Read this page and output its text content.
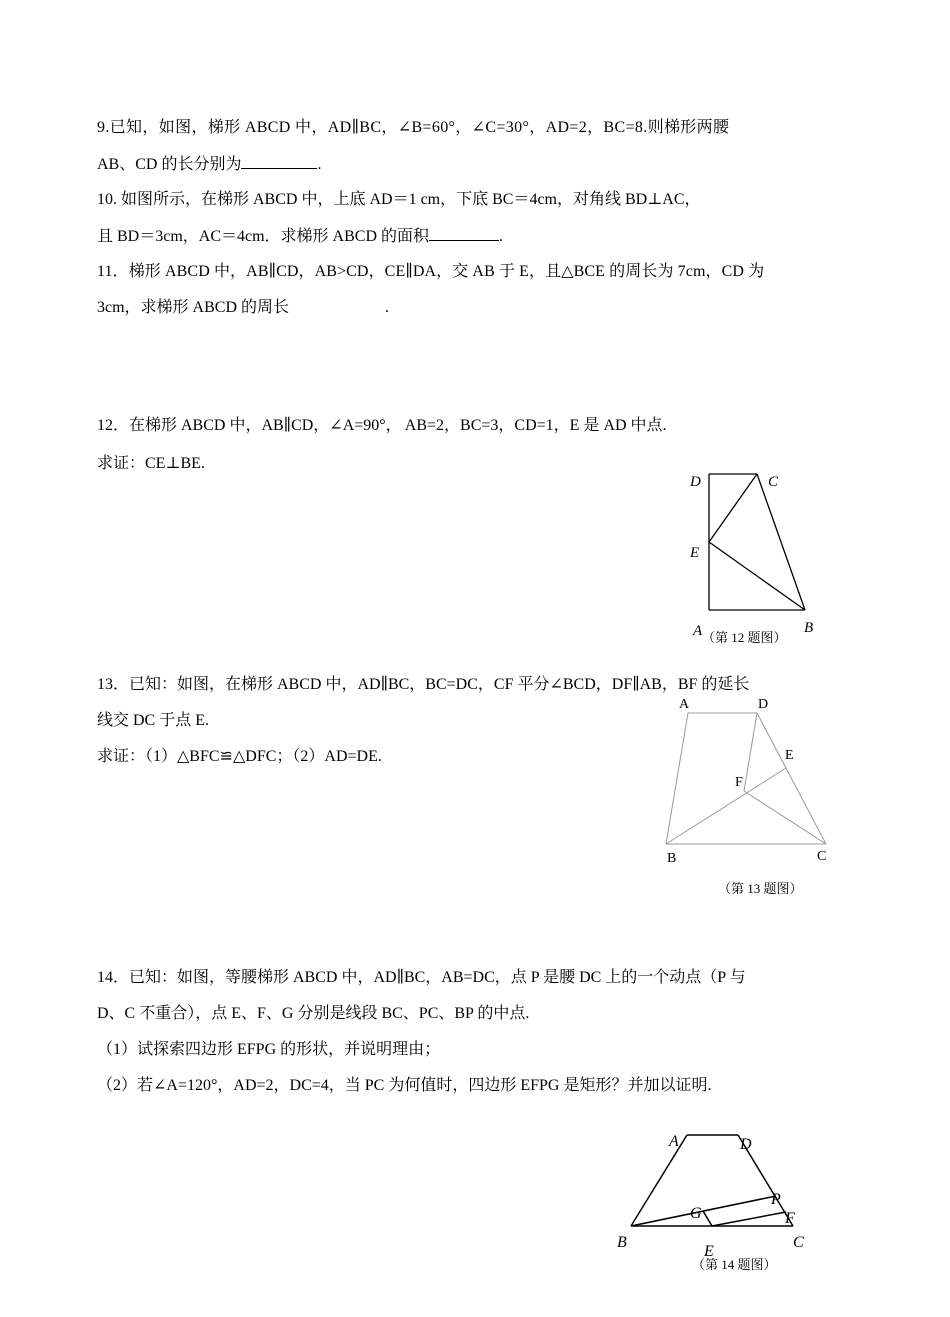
9.已知，如图，梯形 ABCD 中，AD∥BC，∠B=60°，∠C=30°，AD=2，BC=8.则梯形两腰
AB、CD 的长分别为	.
10. 如图所示，在梯形 ABCD 中，上底 AD＝1 cm，下底 BC＝4cm，对角线 BD⊥AC，
且 BD＝3cm，AC＝4cm．求梯形 ABCD 的面积	.
11．梯形 ABCD 中，AB∥CD，AB>CD，CE∥DA，交 AB 于 E，且△BCE 的周长为 7cm，CD 为
3cm，求梯形 ABCD 的周长	.
12．在梯形 ABCD 中，AB∥CD，∠A=90°， AB=2，BC=3，CD=1，E 是 AD 中点.
求证：CE⊥BE.
D	C
E
A	B
（第 12 题图）
13．已知：如图，在梯形 ABCD 中，AD∥BC，BC=DC，CF 平分∠BCD，DF∥AB，BF 的延长
线交 DC 于点 E.
求证：（1）△BFC≌△DFC；（2）AD=DE.
A	D
E
F
B	C
（第 13 题图）
14．已知：如图，等腰梯形 ABCD 中，AD∥BC，AB=DC，点 P 是腰 DC 上的一个动点（P 与
D、C 不重合），点 E、F、G 分别是线段 BC、PC、BP 的中点.
（1）试探索四边形 EFPG 的形状，并说明理由；
（2）若∠A=120°，AD=2，DC=4，当 PC 为何值时，四边形 EFPG 是矩形？并加以证明.
A	D
P
G	F
B	C
E
（第 14 题图）
